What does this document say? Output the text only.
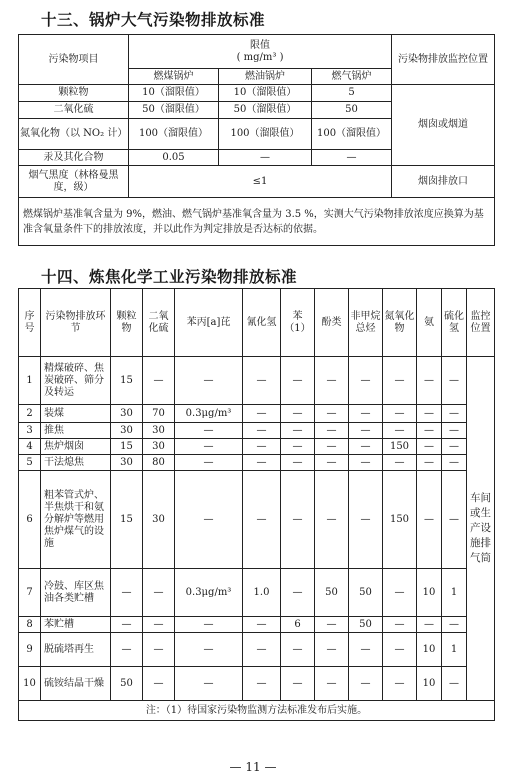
十三、锅炉大气污染物排放标准
污染物项目	限值
( mg/m³ )			污染物排放监控位置
	燃煤锅炉	燃油锅炉	燃气锅炉	
颗粒物	10（溜限值）	10（溜限值）	5	烟囱或烟道
二氧化硫	50（溜限值）	50（溜限值）	50	
氮氧化物（以 NO₂ 计）	100（溜限值）	100（溜限值）	100（溜限值）	
汞及其化合物	0.05	—	—	
烟气黑度（林格曼黑度，级）	≤1			烟囱排放口
燃煤锅炉基准氧含量为 9%，燃油、燃气锅炉基准氧含量为 3.5 %，实测大气污染物排放浓度应换算为基准含氧量条件下的排放浓度，并以此作为判定排放是否达标的依据。				
十四、炼焦化学工业污染物排放标准
序号	污染物排放环节	颗粒物	二氧化硫	苯丙[a]芘	氰化氢	苯（1）	酚类	非甲烷总烃	氮氧化物	氨	硫化氢	监控位置
1	精煤破碎、焦炭破碎、筛分及转运	15	—	—	—	—	—	—	—	—	—	车间或生产设施排气筒
2	装煤	30	70	0.3μg/m³	—	—	—	—	—	—	—	
3	推焦	30	30	—	—	—	—	—	—	—	—	
4	焦炉烟囱	15	30	—	—	—	—	—	150	—	—	
5	干法熄焦	30	80	—	—	—	—	—	—	—	—	
6	粗苯管式炉、半焦烘干和氨分解炉等燃用焦炉煤气的设施	15	30	—	—	—	—	—	150	—	—	
7	冷鼓、库区焦油各类贮槽	—	—	0.3μg/m³	1.0	—	50	50	—	10	1	
8	苯贮槽	—	—	—	—	6	—	50	—	—	—	
9	脱硫塔再生	—	—	—	—	—	—	—	—	10	1	
10	硫铵结晶干燥	50	—	—	—	—	—	—	—	10	—	
注：（1）待国家污染物监测方法标准发布后实施。												
— 11 —
